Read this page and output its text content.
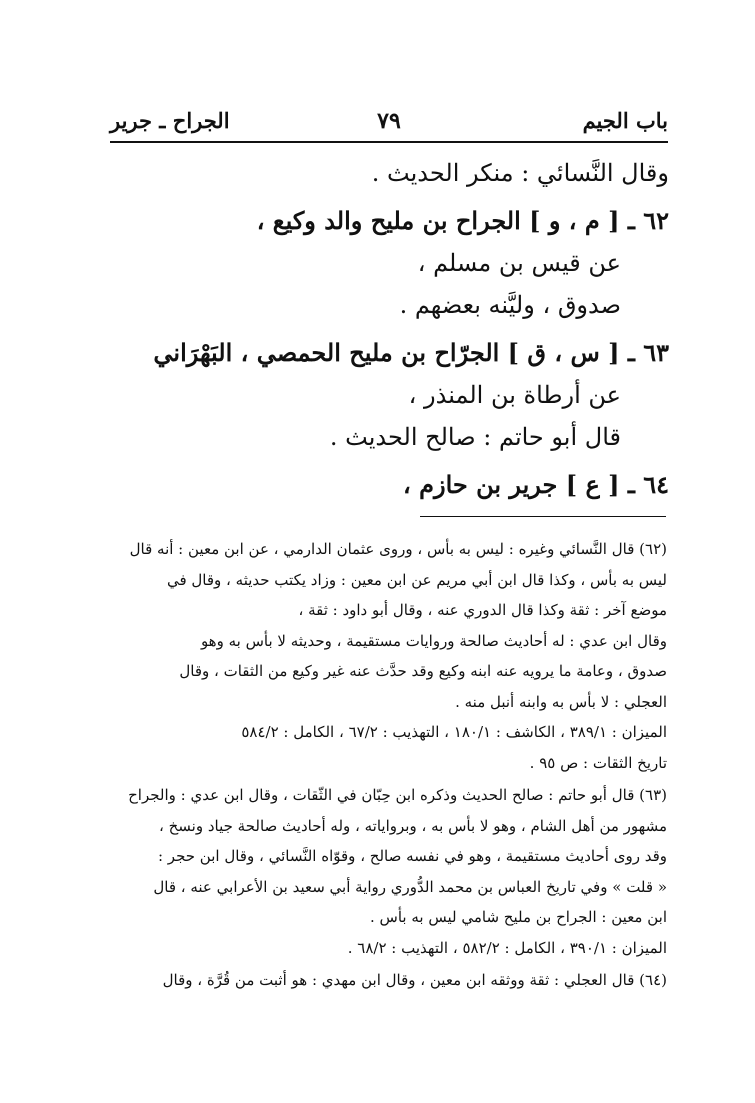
باب الجيم
٧٩
الجراح ـ جرير
وقال النَّسائي : منكر الحديث .
٦٢ ـ [ م ، و ] الجراح بن مليح والد وكيع ،
عن قيس بن مسلم ،
صدوق ، وليَّنه بعضهم .
٦٣ ـ [ س ، ق ] الجرّاح بن مليح الحمصي ، البَهْرَاني
عن أرطاة بن المنذر ،
قال أبو حاتم : صالح الحديث .
٦٤ ـ [ ع ] جرير بن حازم ،
(٦٢) قال النَّسائي وغيره : ليس به بأس ، وروى عثمان الدارمي ، عن ابن معين : أنه قال
ليس به بأس ، وكذا قال ابن أبي مريم عن ابن معين : وزاد يكتب حديثه ، وقال في
موضع آخر : ثقة وكذا قال الدوري عنه ، وقال أبو داود : ثقة ،
وقال ابن عدي : له أحاديث صالحة وروايات مستقيمة ، وحديثه لا بأس به وهو
صدوق ، وعامة ما يرويه عنه ابنه وكيع وقد حدَّث عنه غير وكيع من الثقات ، وقال
العجلي : لا بأس به وابنه أنبل منه .
الميزان : ٣٨٩/١ ، الكاشف : ١٨٠/١ ، التهذيب : ٦٧/٢ ، الكامل : ٥٨٤/٢
تاريخ الثقات : ص ٩٥ .
(٦٣) قال أبو حاتم : صالح الحديث وذكره ابن حِبّان في الثّقات ، وقال ابن عدي : والجراح
مشهور من أهل الشام ، وهو لا بأس به ، وبرواياته ، وله أحاديث صالحة جياد ونسخ ،
وقد روى أحاديث مستقيمة ، وهو في نفسه صالح ، وقوّاه النَّسائي ، وقال ابن حجر :
« قلت » وفي تاريخ العباس بن محمد الدُّوري رواية أبي سعيد بن الأعرابي عنه ، قال
ابن معين : الجراح بن مليح شامي ليس به بأس .
الميزان : ٣٩٠/١ ، الكامل : ٥٨٢/٢ ، التهذيب : ٦٨/٢ .
(٦٤) قال العجلي : ثقة ووثقه ابن معين ، وقال ابن مهدي : هو أثبت من قُرَّة ، وقال
